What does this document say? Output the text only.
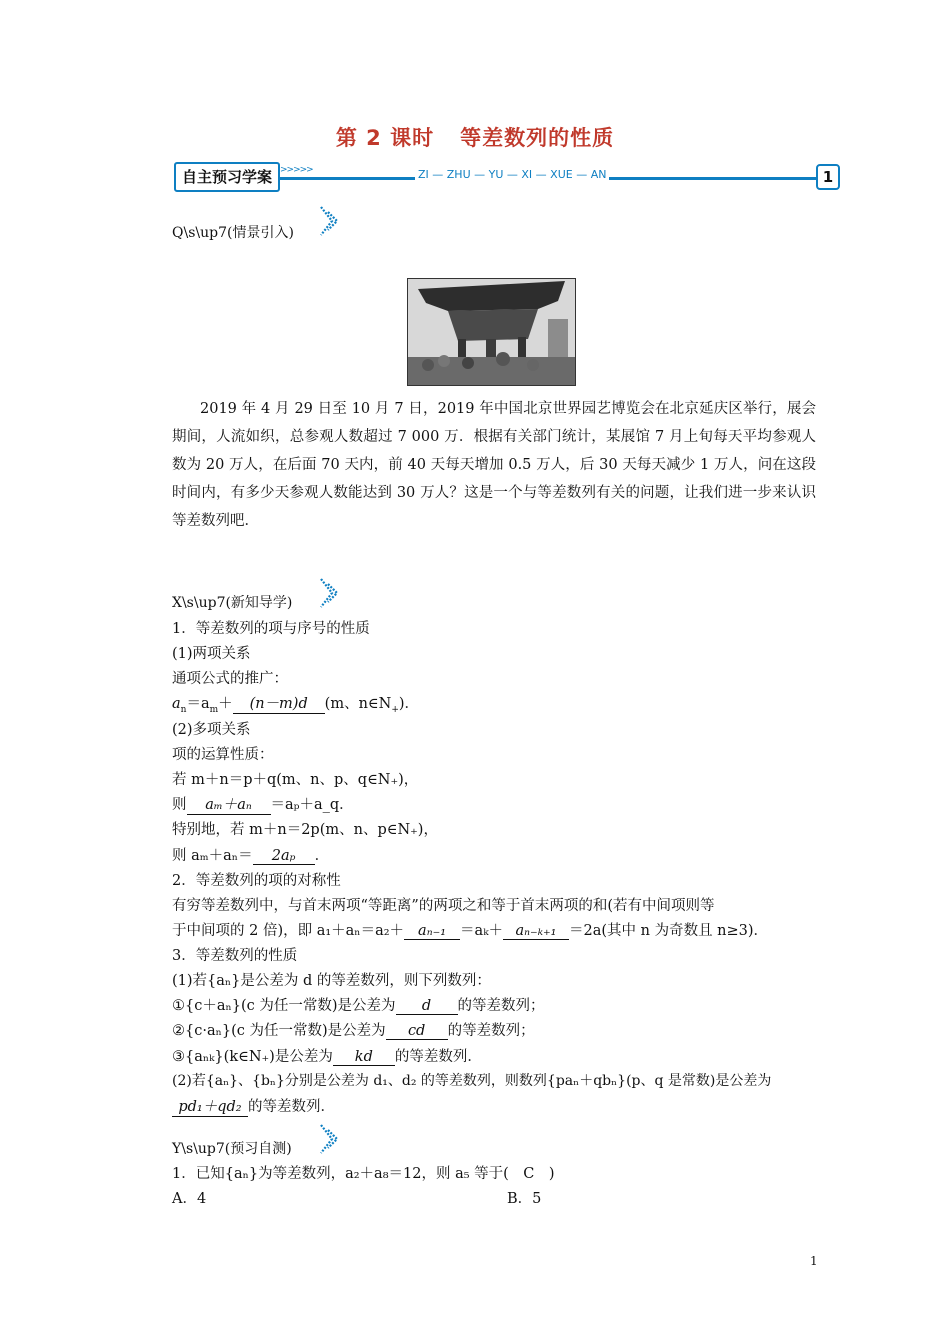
第 2 课时 等差数列的性质
自主预习学案 >>>>>	ZI — ZHU — YU — XI — XUE — AN	1
Q\s\up7(情景引入)
2019 年 4 月 29 日至 10 月 7 日，2019 年中国北京世界园艺博览会在北京延庆区举行，展会期间，人流如织，总参观人数超过 7 000 万．根据有关部门统计，某展馆 7 月上旬每天平均参观人数为 20 万人，在后面 70 天内，前 40 天每天增加 0.5 万人，后 30 天每天减少 1 万人，问在这段时间内，有多少天参观人数能达到 30 万人？这是一个与等差数列有关的问题，让我们进一步来认识等差数列吧．
X\s\up7(新知导学)
1．等差数列的项与序号的性质
(1)两项关系
通项公式的推广：
$a_n=a_m+ (n-m)d$ (m、$n\in N_+$)．
(2)多项关系
项的运算性质：
若 m＋n＝p＋q(m、n、p、q∈N₊)，
则 aₘ＋aₙ ＝aₚ＋a_q．
特别地，若 m＋n＝2p(m、n、p∈N₊)，
则 aₘ＋aₙ＝ 2aₚ ．
2．等差数列的项的对称性
有穷等差数列中，与首末两项“等距离”的两项之和等于首末两项的和(若有中间项则等
于中间项的 2 倍)，即 a₁＋aₙ＝a₂＋ aₙ₋₁ ＝aₖ＋ aₙ₋ₖ₊₁ ＝2a(其中 n 为奇数且 n≥3)．
3．等差数列的性质
(1)若{aₙ}是公差为 d 的等差数列，则下列数列：
①{c＋aₙ}(c 为任一常数)是公差为 d 的等差数列；
②{c·aₙ}(c 为任一常数)是公差为 cd 的等差数列；
③{aₙₖ}(k∈N₊)是公差为 kd 的等差数列．
(2)若{aₙ}、{bₙ}分别是公差为 d₁、d₂ 的等差数列，则数列{paₙ＋qbₙ}(p、q 是常数)是公差为
pd₁＋qd₂ 的等差数列．
Y\s\up7(预习自测)
1．已知{aₙ}为等差数列，a₂＋a₈＝12，则 a₅ 等于(　C　)
A．4	B．5
1
